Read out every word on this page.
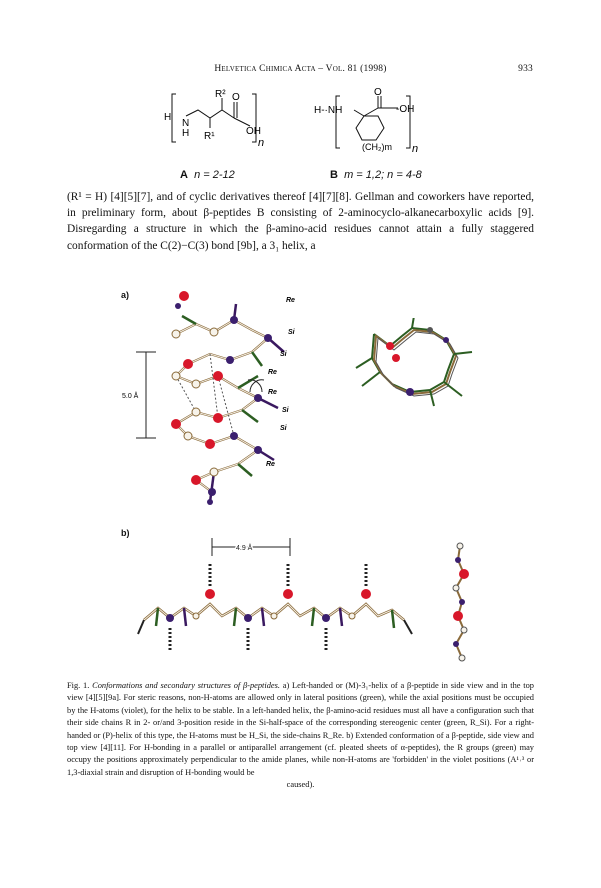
Helvetica Chimica Acta – Vol. 81 (1998)	933
R² O
H
N
H	OH
R¹
n
A n = 2-12
O
H-·NH	-OH
(CH₂)m n
B m = 1,2; n = 4-8

(R¹ = H) [4][5][7], and of cyclic derivatives thereof [4][7][8]. Gellman and coworkers have reported, in preliminary form, about β-peptides B consisting of 2-aminocyclo-alkanecarboxylic acids [9]. Disregarding a structure in which the β-amino-acid residues cannot attain a fully staggered conformation of the C(2)−C(3) bond [9b], a 3₁ helix, a

a)
b)
5.0 Å
Re
Si
Si
Re
Re
Si
Si
Re
4.9 Å
Fig. 1. Conformations and secondary structures of β-peptides. a) Left-handed or (M)-3₁-helix of a β-peptide in side view and in the top view [4][5][9a]. For steric reasons, non-H-atoms are allowed only in lateral positions (green), while the axial positions must be occupied by the H-atoms (violet), for the helix to be stable. In a left-handed helix, the β-amino-acid residues must all have a configuration such that their side chains R in 2- or/and 3-position reside in the Si-half-space of the corresponding stereogenic center (green, R_Si). For a right-handed or (P)-helix of this type, the H-atoms must be H_Si, the side-chains R_Re. b) Extended conformation of a β-peptide, side view and top view [4][11]. For H-bonding in a parallel or antiparallel arrangement (cf. pleated sheets of α-peptides), the R groups (green) may occupy the positions approximately perpendicular to the amide planes, while non-H-atoms are 'forbidden' in the violet positions (A¹˒³ or 1,3-diaxial strain and disruption of H-bonding would be
caused).
